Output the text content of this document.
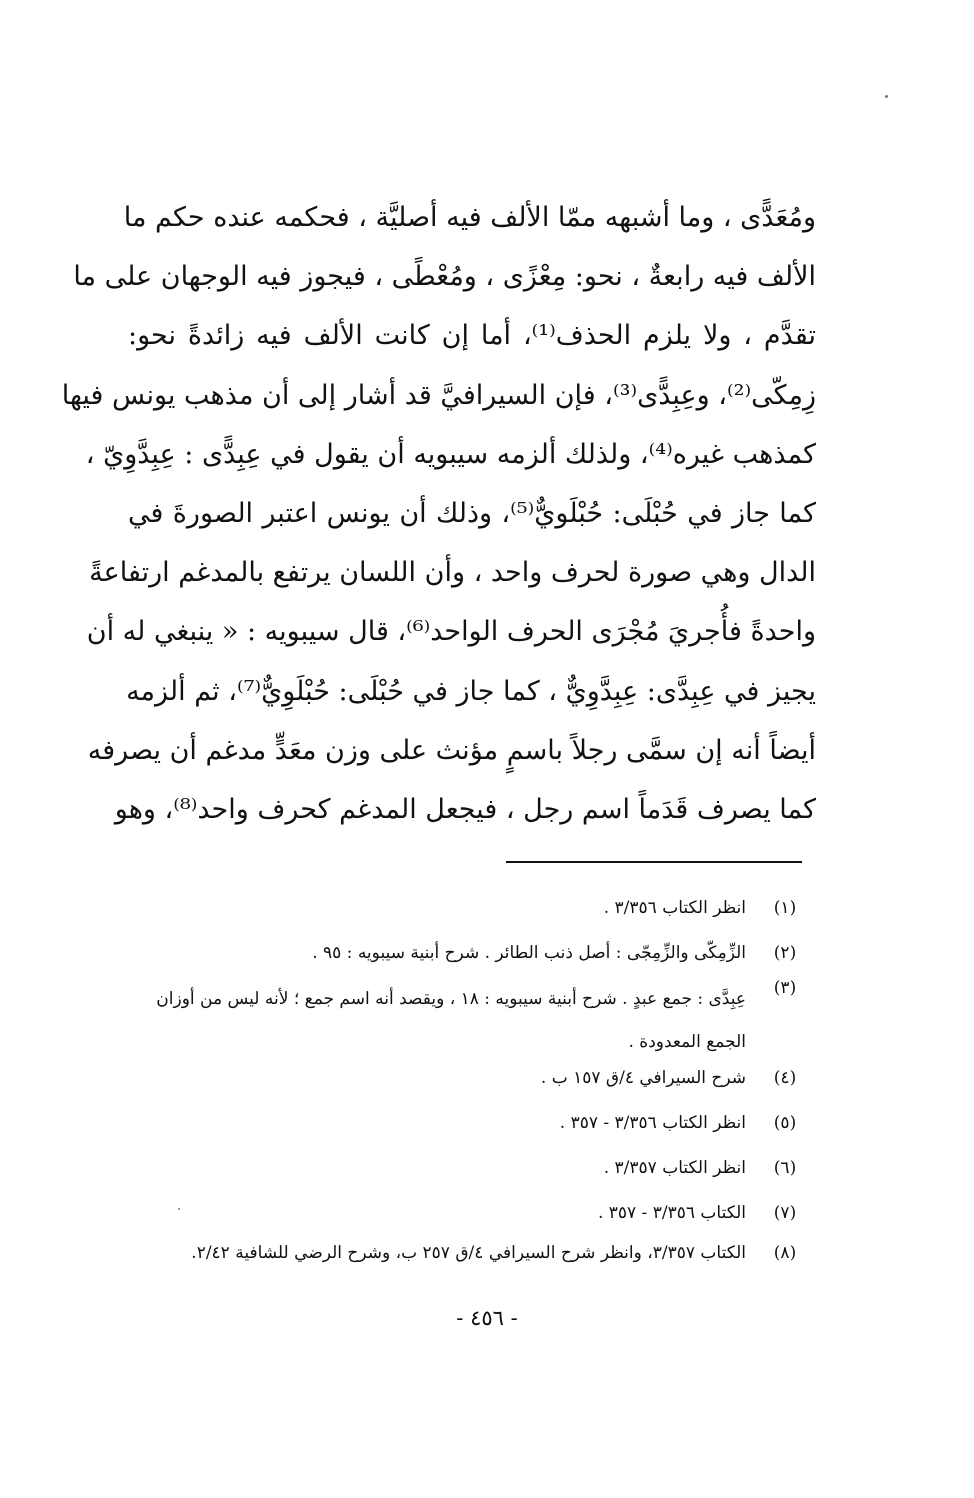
ومُعَدًّى ، وما أشبهه ممّا الألف فيه أصليَّة ، فحكمه عنده حكم ما
الألف فيه رابعةٌ ، نحو: مِعْزًى ، ومُعْطًى ، فيجوز فيه الوجهان على ما
تقدَّم ، ولا يلزم الحذف⁽¹⁾، أما إن كانت الألف فيه زائدةً نحو:
زِمِكّى⁽²⁾، وعِبِدًّى⁽³⁾، فإن السيرافيَّ قد أشار إلى أن مذهب يونس فيها
كمذهب غيره⁽⁴⁾، ولذلك ألزمه سيبويه أن يقول في عِبِدًّى : عِبِدَّوِيّ ،
كما جاز في حُبْلَى: حُبْلَويٌّ⁽⁵⁾، وذلك أن يونس اعتبر الصورةَ في
الدال وهي صورة لحرف واحد ، وأن اللسان يرتفع بالمدغم ارتفاعةً
واحدةً فأُجريَ مُجْرَى الحرف الواحد⁽⁶⁾، قال سيبويه : « ينبغي له أن
يجيز في عِبِدَّى: عِبِدَّوِيٌّ ، كما جاز في حُبْلَى: حُبْلَوِيٌّ⁽⁷⁾، ثم ألزمه
أيضاً أنه إن سمَّى رجلاً باسمٍ مؤنث على وزن معَدٍّ مدغم أن يصرفه
كما يصرف قَدَماً اسم رجل ، فيجعل المدغم كحرف واحد⁽⁸⁾، وهو
(١)
انظر الكتاب ٣/٣٥٦ .
(٢)
الزِّمِكّى والزِّمِجّى : أصل ذنب الطائر . شرح أبنية سيبويه : ٩٥ .
(٣)
عِبِدَّى : جمع عبدٍ . شرح أبنية سيبويه : ١٨ ، ويقصد أنه اسم جمع ؛ لأنه ليس من أوزان الجمع المعدودة .
(٤)
شرح السيرافي ٤/ق ١٥٧ ب .
(٥)
انظر الكتاب ٣/٣٥٦ - ٣٥٧ .
(٦)
انظر الكتاب ٣/٣٥٧ .
(٧)
الكتاب ٣/٣٥٦ - ٣٥٧ .
(٨)
الكتاب ٣/٣٥٧، وانظر شرح السيرافي ٤/ق ٢٥٧ ب، وشرح الرضي للشافية ٢/٤٢.
- ٤٥٦ -
